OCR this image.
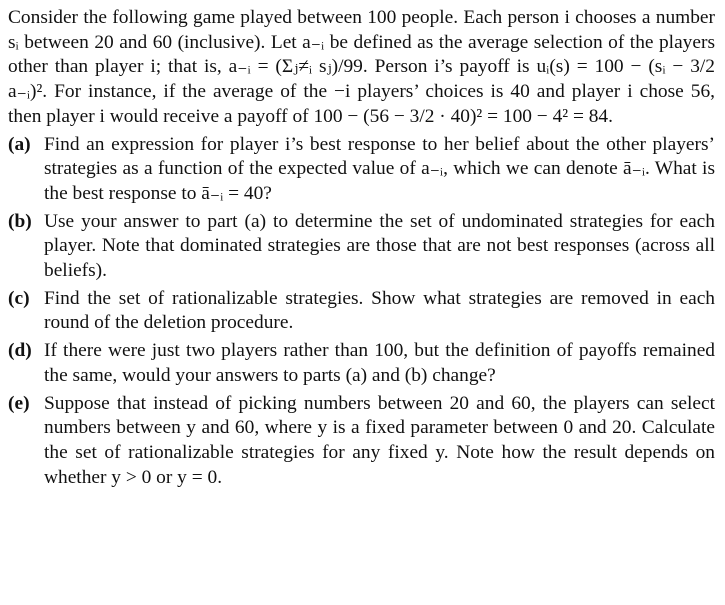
Consider the following game played between 100 people. Each person i chooses a number sᵢ between 20 and 60 (inclusive). Let a₋ᵢ be defined as the average selection of the players other than player i; that is, a₋ᵢ = (Σⱼ≠ᵢ sⱼ)/99. Person i’s payoff is uᵢ(s) = 100 − (sᵢ − 3/2 a₋ᵢ)². For instance, if the average of the −i players’ choices is 40 and player i chose 56, then player i would receive a payoff of 100 − (56 − 3/2 · 40)² = 100 − 4² = 84.

(a) Find an expression for player i’s best response to her belief about the other players’ strategies as a function of the expected value of a₋ᵢ, which we can denote ā₋ᵢ. What is the best response to ā₋ᵢ = 40?
(b) Use your answer to part (a) to determine the set of undominated strategies for each player. Note that dominated strategies are those that are not best responses (across all beliefs).
(c) Find the set of rationalizable strategies. Show what strategies are removed in each round of the deletion procedure.
(d) If there were just two players rather than 100, but the definition of payoffs remained the same, would your answers to parts (a) and (b) change?
(e) Suppose that instead of picking numbers between 20 and 60, the players can select numbers between y and 60, where y is a fixed parameter between 0 and 20. Calculate the set of rationalizable strategies for any fixed y. Note how the result depends on whether y > 0 or y = 0.
